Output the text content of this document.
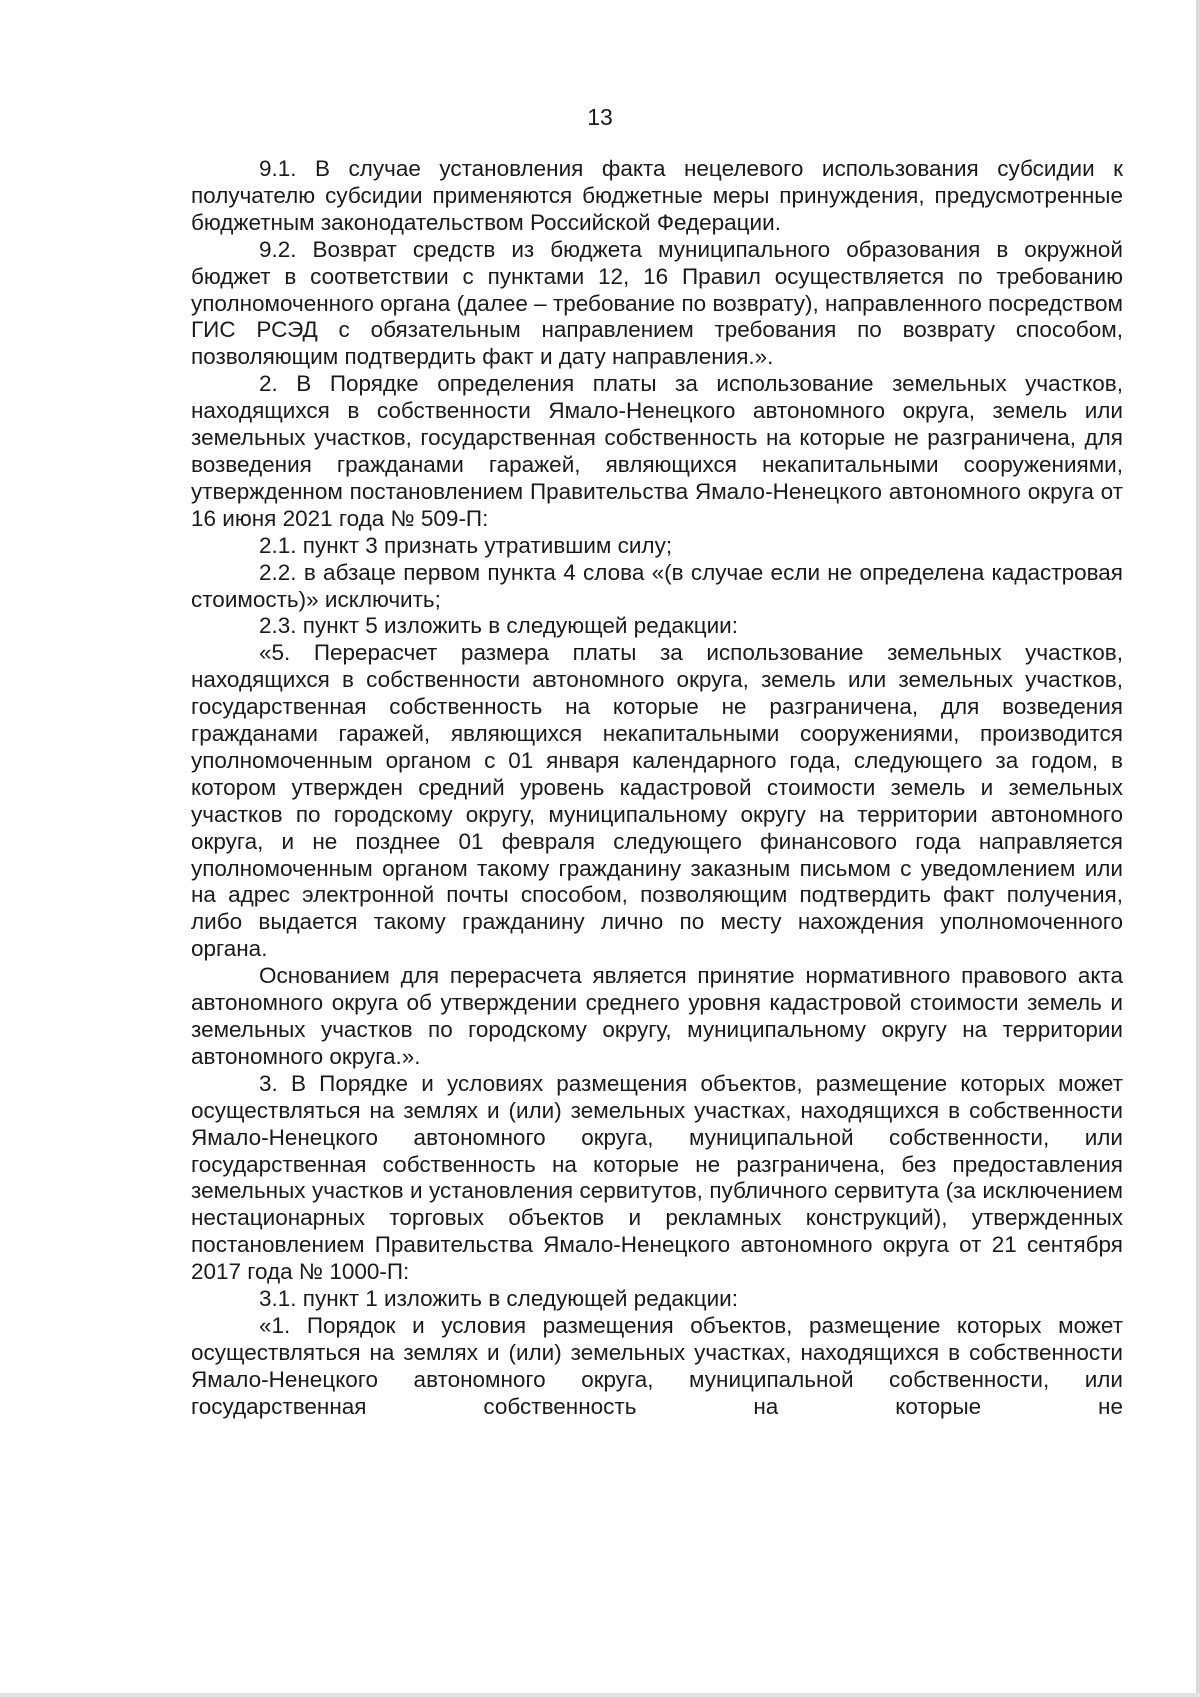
13

9.1. В случае установления факта нецелевого использования субсидии к получателю субсидии применяются бюджетные меры принуждения, предусмотренные бюджетным законодательством Российской Федерации.

9.2. Возврат средств из бюджета муниципального образования в окружной бюджет в соответствии с пунктами 12, 16 Правил осуществляется по требованию уполномоченного органа (далее – требование по возврату), направленного посредством ГИС РСЭД с обязательным направлением требования по возврату способом, позволяющим подтвердить факт и дату направления.».

2. В Порядке определения платы за использование земельных участков, находящихся в собственности Ямало-Ненецкого автономного округа, земель или земельных участков, государственная собственность на которые не разграничена, для возведения гражданами гаражей, являющихся некапитальными сооружениями, утвержденном постановлением Правительства Ямало-Ненецкого автономного округа от 16 июня 2021 года № 509-П:

2.1. пункт 3 признать утратившим силу;

2.2. в абзаце первом пункта 4 слова «(в случае если не определена кадастровая стоимость)» исключить;

2.3. пункт 5 изложить в следующей редакции:

«5. Перерасчет размера платы за использование земельных участков, находящихся в собственности автономного округа, земель или земельных участков, государственная собственность на которые не разграничена, для возведения гражданами гаражей, являющихся некапитальными сооружениями, производится уполномоченным органом с 01 января календарного года, следующего за годом, в котором утвержден средний уровень кадастровой стоимости земель и земельных участков по городскому округу, муниципальному округу на территории автономного округа, и не позднее 01 февраля следующего финансового года направляется уполномоченным органом такому гражданину заказным письмом с уведомлением или на адрес электронной почты способом, позволяющим подтвердить факт получения, либо выдается такому гражданину лично по месту нахождения уполномоченного органа.

Основанием для перерасчета является принятие нормативного правового акта автономного округа об утверждении среднего уровня кадастровой стоимости земель и земельных участков по городскому округу, муниципальному округу на территории автономного округа.».

3. В Порядке и условиях размещения объектов, размещение которых может осуществляться на землях и (или) земельных участках, находящихся в собственности Ямало-Ненецкого автономного округа, муниципальной собственности, или государственная собственность на которые не разграничена, без предоставления земельных участков и установления сервитутов, публичного сервитута (за исключением нестационарных торговых объектов и рекламных конструкций), утвержденных постановлением Правительства Ямало-Ненецкого автономного округа от 21 сентября 2017 года № 1000-П:

3.1. пункт 1 изложить в следующей редакции:

«1. Порядок и условия размещения объектов, размещение которых может осуществляться на землях и (или) земельных участках, находящихся в собственности Ямало-Ненецкого автономного округа, муниципальной собственности, или государственная собственность на которые не
